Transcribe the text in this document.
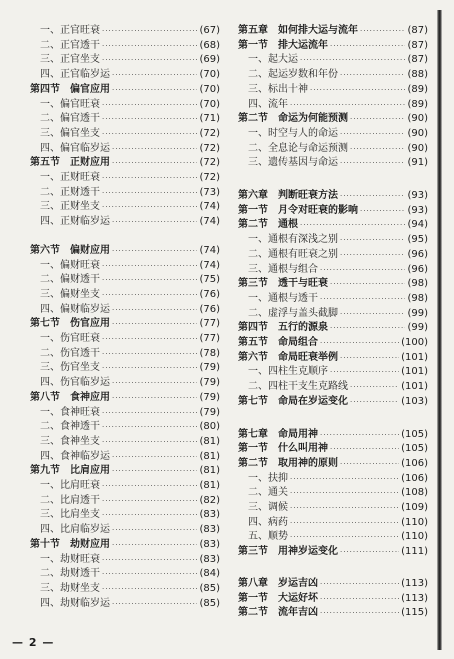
一、 正官旺衰 ·····	(67)
二、 正官透干 ·····	(68)
三、 正官坐支 ·····	(69)
四、 正官临岁运 ·····	(70)
第四节 偏官应用 ·····	(70)
一、 偏官旺衰 ·····	(70)
二、 偏官透干 ·····	(71)
三、 偏官坐支 ·····	(72)
四、 偏官临岁运 ·····	(72)
第五节 正财应用 ·····	(72)
一、 正财旺衰 ·····	(72)
二、 正财透干 ·····	(73)
三、 正财坐支 ·····	(74)
四、 正财临岁运 ·····	(74)
第六节 偏财应用 ·····	(74)
一、 偏财旺衰 ·····	(74)
二、 偏财透干 ·····	(75)
三、 偏财坐支 ·····	(76)
四、 偏财临岁运 ·····	(76)
第七节 伤官应用 ·····	(77)
一、 伤官旺衰 ·····	(77)
二、 伤官透干 ·····	(78)
三、 伤官坐支 ·····	(79)
四、 伤官临岁运 ·····	(79)
第八节 食神应用 ·····	(79)
一、 食神旺衰 ·····	(79)
二、 食神透干 ·····	(80)
三、 食神坐支 ·····	(81)
四、 食神临岁运 ·····	(81)
第九节 比肩应用 ·····	(81)
一、 比肩旺衰 ·····	(81)
二、 比肩透干 ·····	(82)
三、 比肩坐支 ·····	(83)
四、 比肩临岁运 ·····	(83)
第十节 劫财应用 ·····	(83)
一、 劫财旺衰 ·····	(83)
二、 劫财透干 ·····	(84)
三、 劫财坐支 ·····	(85)
四、 劫财临岁运 ·····	(85)
第五章 如何排大运与流年 ·····	(87)
第一节 排大运流年 ·····	(87)
一、 起大运 ·····	(87)
二、 起运岁数和年份 ·····	(88)
三、 标出十神 ·····	(89)
四、 流年 ·····	(89)
第二节 命运为何能预测 ·····	(90)
一、 时空与人的命运 ·····	(90)
二、 全息论与命运预测 ·····	(90)
三、 遗传基因与命运 ·····	(91)
第六章 判断旺衰方法 ·····	(93)
第一节 月令对旺衰的影响 ·····	(93)
第二节 通根 ·····	(94)
一、 通根有深浅之别 ·····	(95)
二、 通根有旺衰之别 ·····	(96)
三、 通根与组合 ·····	(96)
第三节 透干与旺衰 ·····	(98)
一、 通根与透干 ·····	(98)
二、 虚浮与盖头截脚 ·····	(99)
第四节 五行的源泉 ·····	(99)
第五节 命局组合 ·····	(100)
第六节 命局旺衰举例 ·····	(101)
一、 四柱生克顺序 ·····	(101)
二、 四柱干支生克路线 ·····	(101)
第七节 命局在岁运变化 ·····	(103)
第七章 命局用神 ·····	(105)
第一节 什么叫用神 ·····	(105)
第二节 取用神的原则 ·····	(106)
一、 扶抑 ·····	(106)
二、 通关 ·····	(108)
三、 调候 ·····	(109)
四、 病药 ·····	(110)
五、 顺势 ·····	(110)
第三节 用神岁运变化 ·····	(111)
第八章 岁运吉凶 ·····	(113)
第一节 大运好坏 ·····	(113)
第二节 流年吉凶 ·····	(115)
— 2 —
